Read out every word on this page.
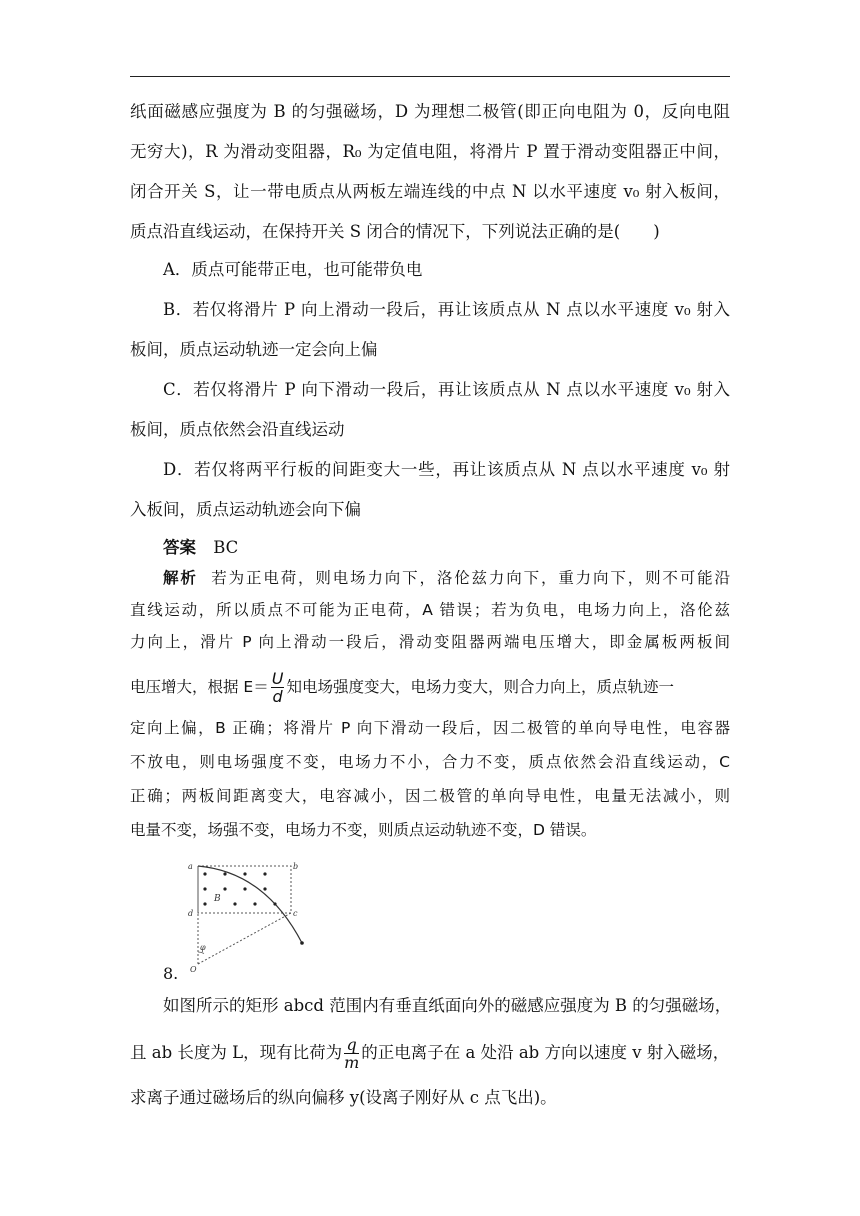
纸面磁感应强度为 B 的匀强磁场，D 为理想二极管(即正向电阻为 0，反向电阻
无穷大)，R 为滑动变阻器，R₀ 为定值电阻，将滑片 P 置于滑动变阻器正中间，
闭合开关 S，让一带电质点从两板左端连线的中点 N 以水平速度 v₀ 射入板间，
质点沿直线运动，在保持开关 S 闭合的情况下，下列说法正确的是(　　)
A．质点可能带正电，也可能带负电
B．若仅将滑片 P 向上滑动一段后，再让该质点从 N 点以水平速度 v₀ 射入
板间，质点运动轨迹一定会向上偏
C．若仅将滑片 P 向下滑动一段后，再让该质点从 N 点以水平速度 v₀ 射入
板间，质点依然会沿直线运动
D．若仅将两平行板的间距变大一些，再让该质点从 N 点以水平速度 v₀ 射
入板间，质点运动轨迹会向下偏
答案 BC
解析 若为正电荷，则电场力向下，洛伦兹力向下，重力向下，则不可能沿
直线运动，所以质点不可能为正电荷，A 错误；若为负电，电场力向上，洛伦兹
力向上，滑片 P 向上滑动一段后，滑动变阻器两端电压增大，即金属板两板间
电压增大，根据 $E= \frac{U}{d}$ 知电场强度变大，电场力变大，则合力向上，质点轨迹一
定向上偏，B 正确；将滑片 P 向下滑动一段后，因二极管的单向导电性，电容器
不放电，则电场强度不变，电场力不小，合力不变，质点依然会沿直线运动，C
正确；两板间距离变大，电容减小，因二极管的单向导电性，电量无法减小，则
电量不变，场强不变，电场力不变，则质点运动轨迹不变，D 错误。
a	b
c
d
B
φ
O
8.
如图所示的矩形 abcd 范围内有垂直纸面向外的磁感应强度为 B 的匀强磁场，
且 ab 长度为 L，现有比荷为 $\frac{q}{m}$ 的正电离子在 a 处沿 ab 方向以速度 v 射入磁场，
求离子通过磁场后的纵向偏移 y(设离子刚好从 c 点飞出)。
